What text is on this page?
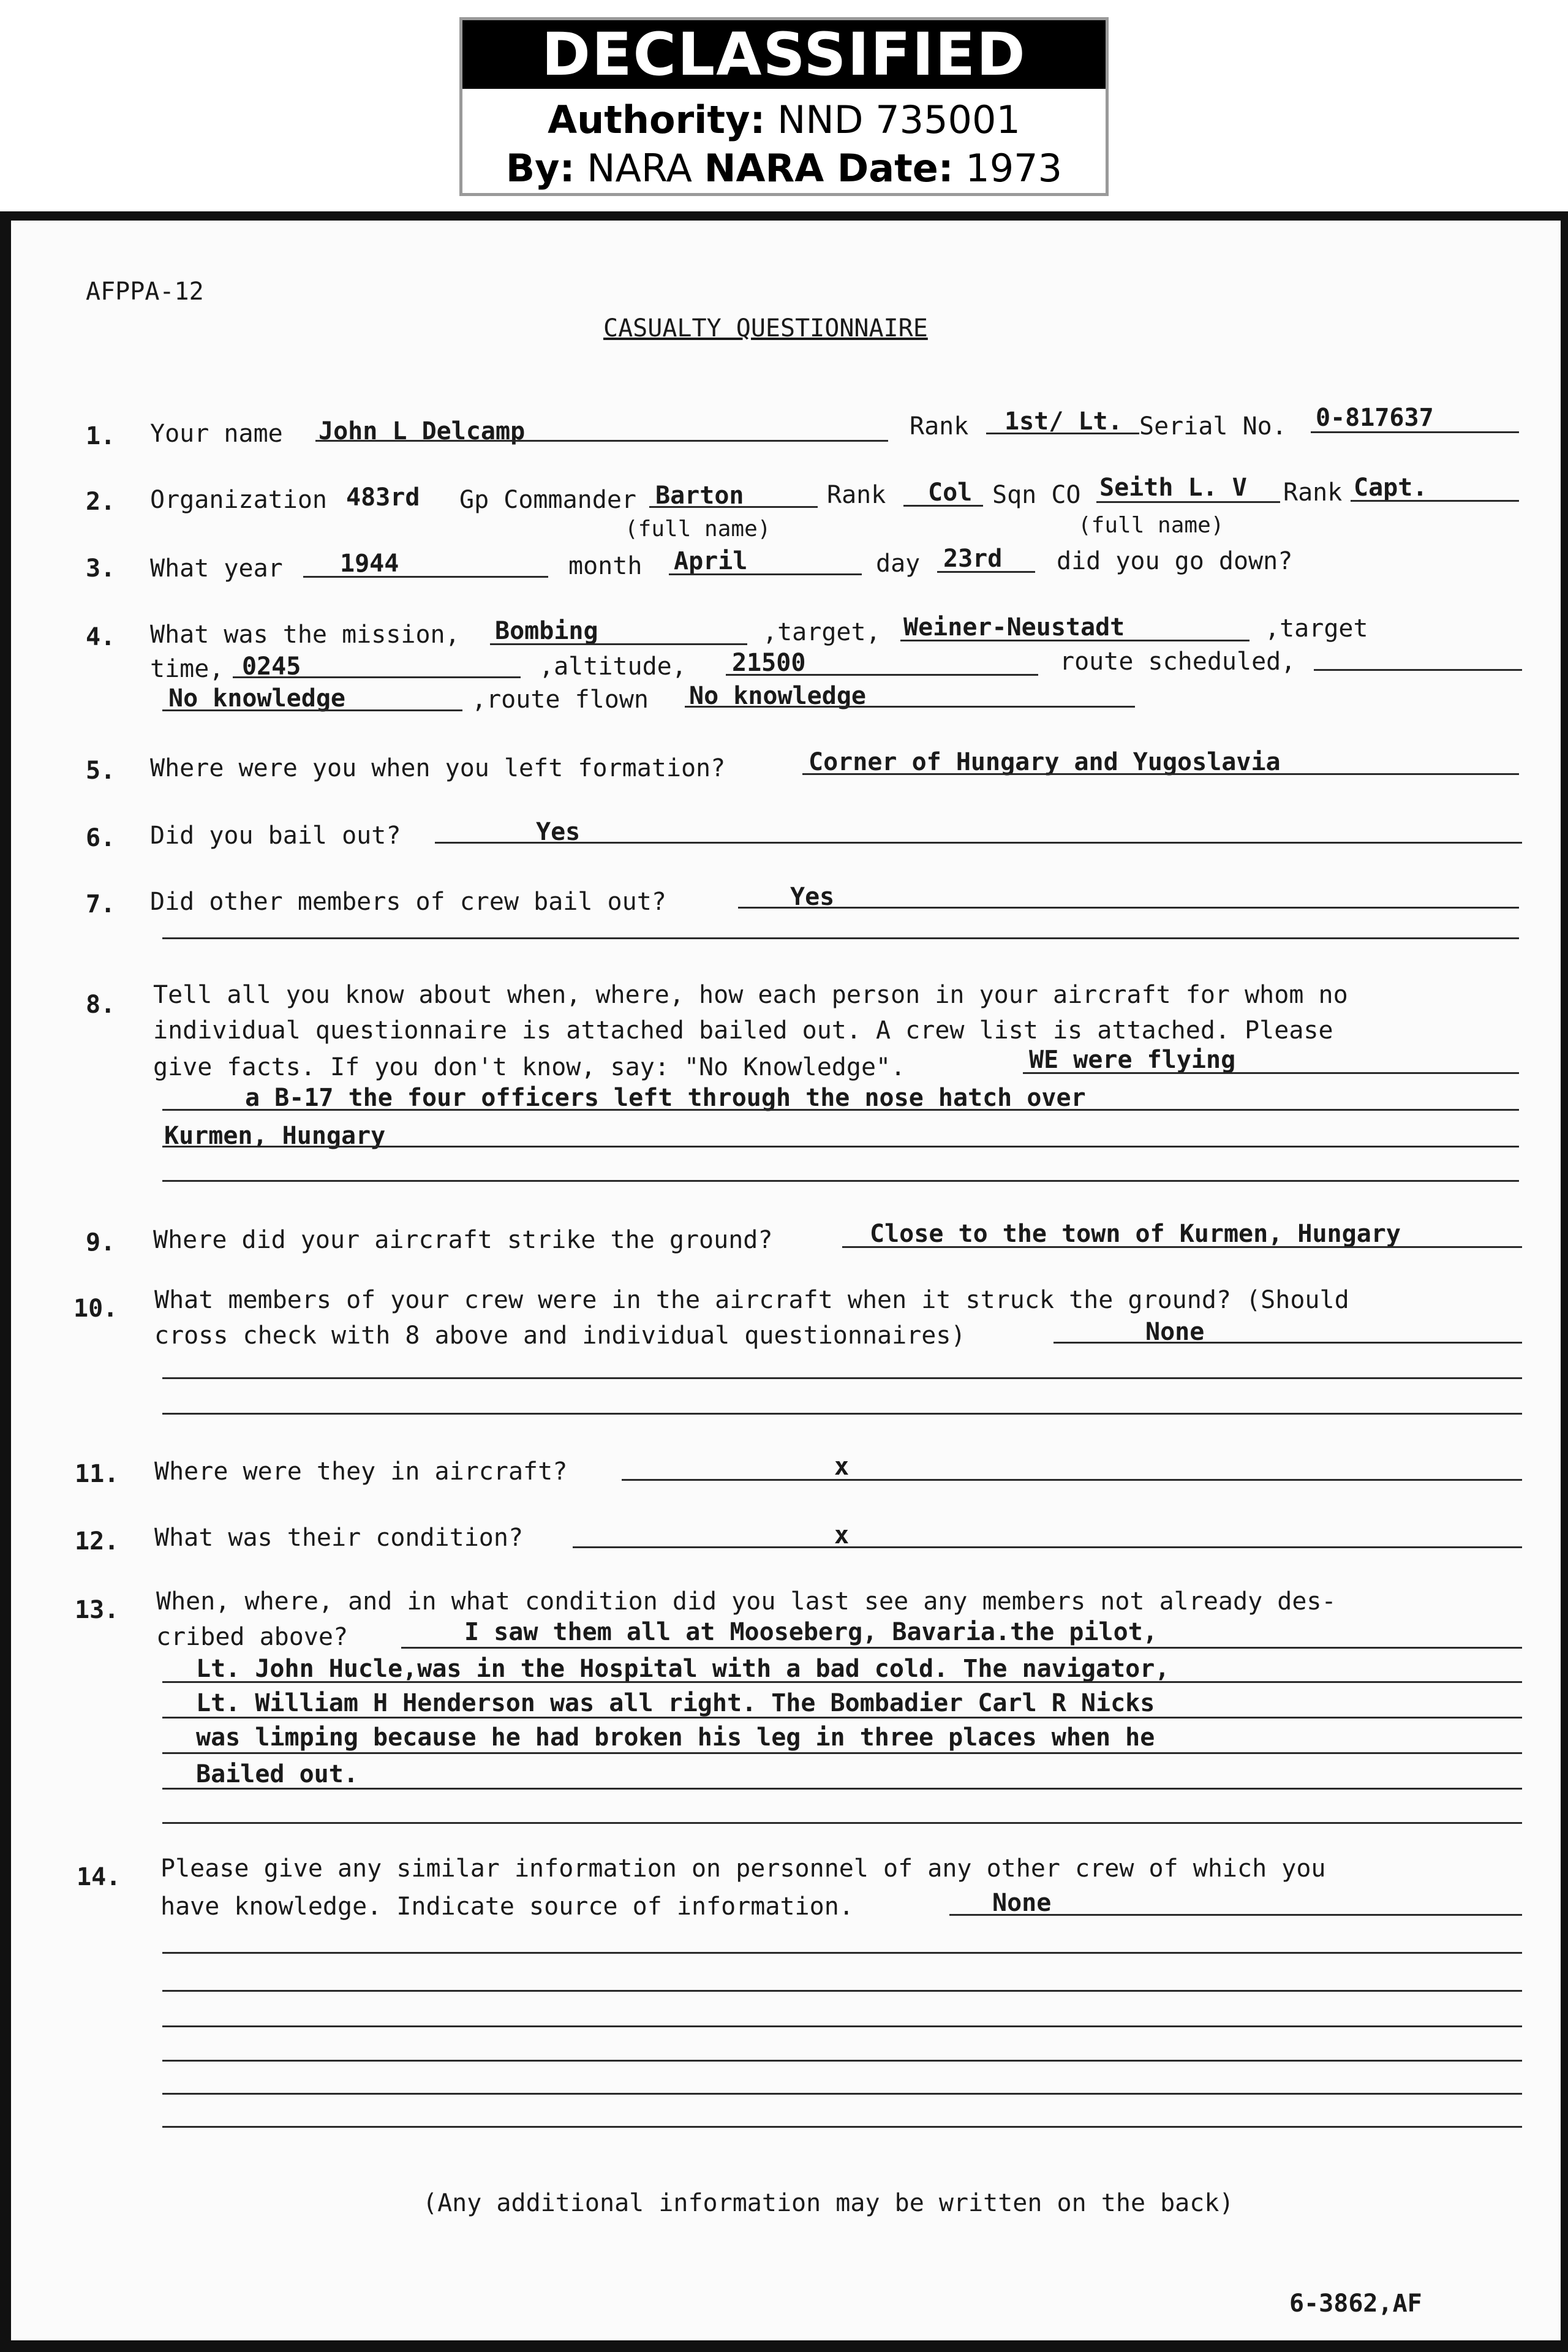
DECLASSIFIED
Authority: NND 735001
By: NARA NARA Date: 1973
AFPPA-12
CASUALTY QUESTIONNAIRE
1. Your name John L Delcamp	Rank 1st/ Lt. Serial No. 0-817637
2. Organization 483rd Gp Commander Barton
(full name)
Rank Col Sqn CO Seith L. V
(full name)
Rank Capt.
3. What year 1944	month April	day 23rd did you go down?
4. What was the mission, Bombing	,target, Weiner-Neustadt	,target
time, 0245	,altitude, 21500	route scheduled,
No knowledge	,route flown No knowledge
5. Where were you when you left formation?	Corner of Hungary and Yugoslavia
6. Did you bail out?	Yes
7. Did other members of crew bail out?	Yes
8. Tell all you know about when, where, how each person in your aircraft for whom no
individual questionnaire is attached bailed out. A crew list is attached. Please
give facts. If you don't know, say: "No Knowledge".	WE were flying
a B-17 the four officers left through the nose hatch over
Kurmen, Hungary
9. Where did your aircraft strike the ground?	Close to the town of Kurmen, Hungary
10. What members of your crew were in the aircraft when it struck the ground? (Should
cross check with 8 above and individual questionnaires)	None
11. Where were they in aircraft?	x
12. What was their condition?	x
13. When, where, and in what condition did you last see any members not already des-
cribed above?	I saw them all at Mooseberg, Bavaria.the pilot,
Lt. John Hucle,was in the Hospital with a bad cold. The navigator,
Lt. William H Henderson was all right. The Bombadier Carl R Nicks
was limping because he had broken his leg in three places when he
Bailed out.
14. Please give any similar information on personnel of any other crew of which you
have knowledge. Indicate source of information.	None
(Any additional information may be written on the back)
6-3862,AF
